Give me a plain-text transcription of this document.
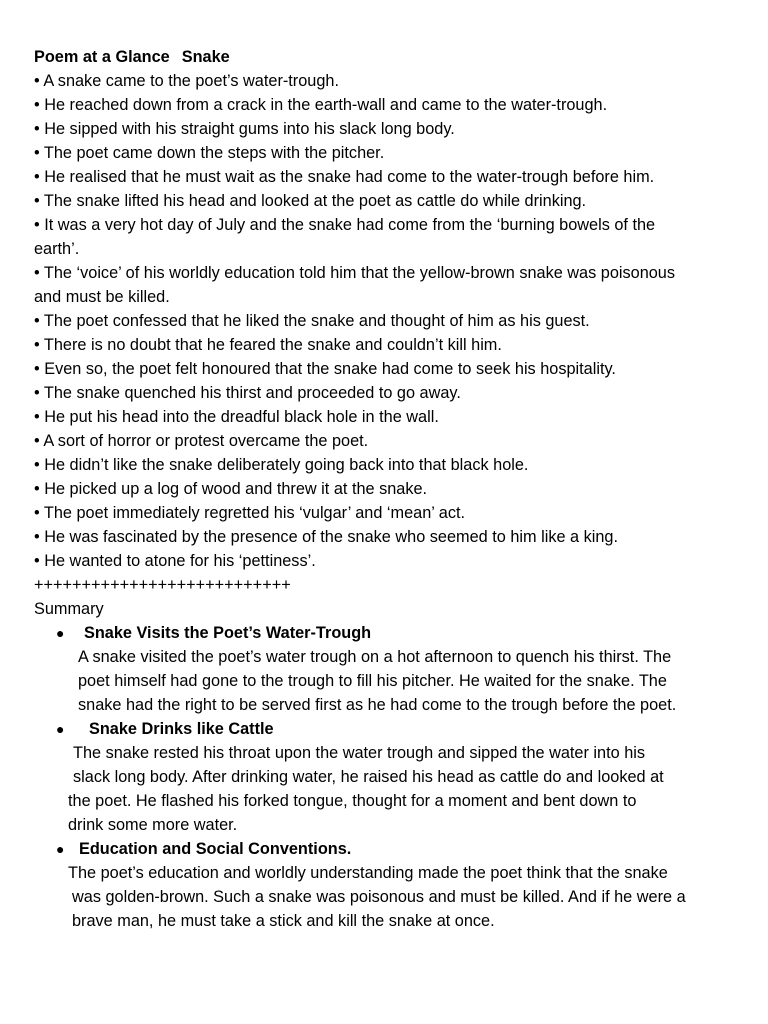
Poem at a Glance Snake

• A snake came to the poet’s water-trough.

• He reached down from a crack in the earth-wall and came to the water-trough.

• He sipped with his straight gums into his slack long body.

• The poet came down the steps with the pitcher.

• He realised that he must wait as the snake had come to the water-trough before him.

• The snake lifted his head and looked at the poet as cattle do while drinking.

• It was a very hot day of July and the snake had come from the ‘burning bowels of the

earth’.

• The ‘voice’ of his worldly education told him that the yellow-brown snake was poisonous

and must be killed.

• The poet confessed that he liked the snake and thought of him as his guest.

• There is no doubt that he feared the snake and couldn’t kill him.

• Even so, the poet felt honoured that the snake had come to seek his hospitality.

• The snake quenched his thirst and proceeded to go away.

• He put his head into the dreadful black hole in the wall.

• A sort of horror or protest overcame the poet.

• He didn’t like the snake deliberately going back into that black hole.

• He picked up a log of wood and threw it at the snake.

• The poet immediately regretted his ‘vulgar’ and ‘mean’ act.

• He was fascinated by the presence of the snake who seemed to him like a king.

• He wanted to atone for his ‘pettiness’.

+++++++++++++++++++++++++++

Summary

● Snake Visits the Poet’s Water-Trough

A snake visited the poet’s water trough on a hot afternoon to quench his thirst. The

poet himself had gone to the trough to fill his pitcher. He waited for the snake. The

snake had the right to be served first as he had come to the trough before the poet.

● Snake Drinks like Cattle

The snake rested his throat upon the water trough and sipped the water into his

slack long body. After drinking water, he raised his head as cattle do and looked at

the poet. He flashed his forked tongue, thought for a moment and bent down to

drink some more water.

● Education and Social Conventions.

The poet’s education and worldly understanding made the poet think that the snake

was golden-brown. Such a snake was poisonous and must be killed. And if he were a

brave man, he must take a stick and kill the snake at once.
